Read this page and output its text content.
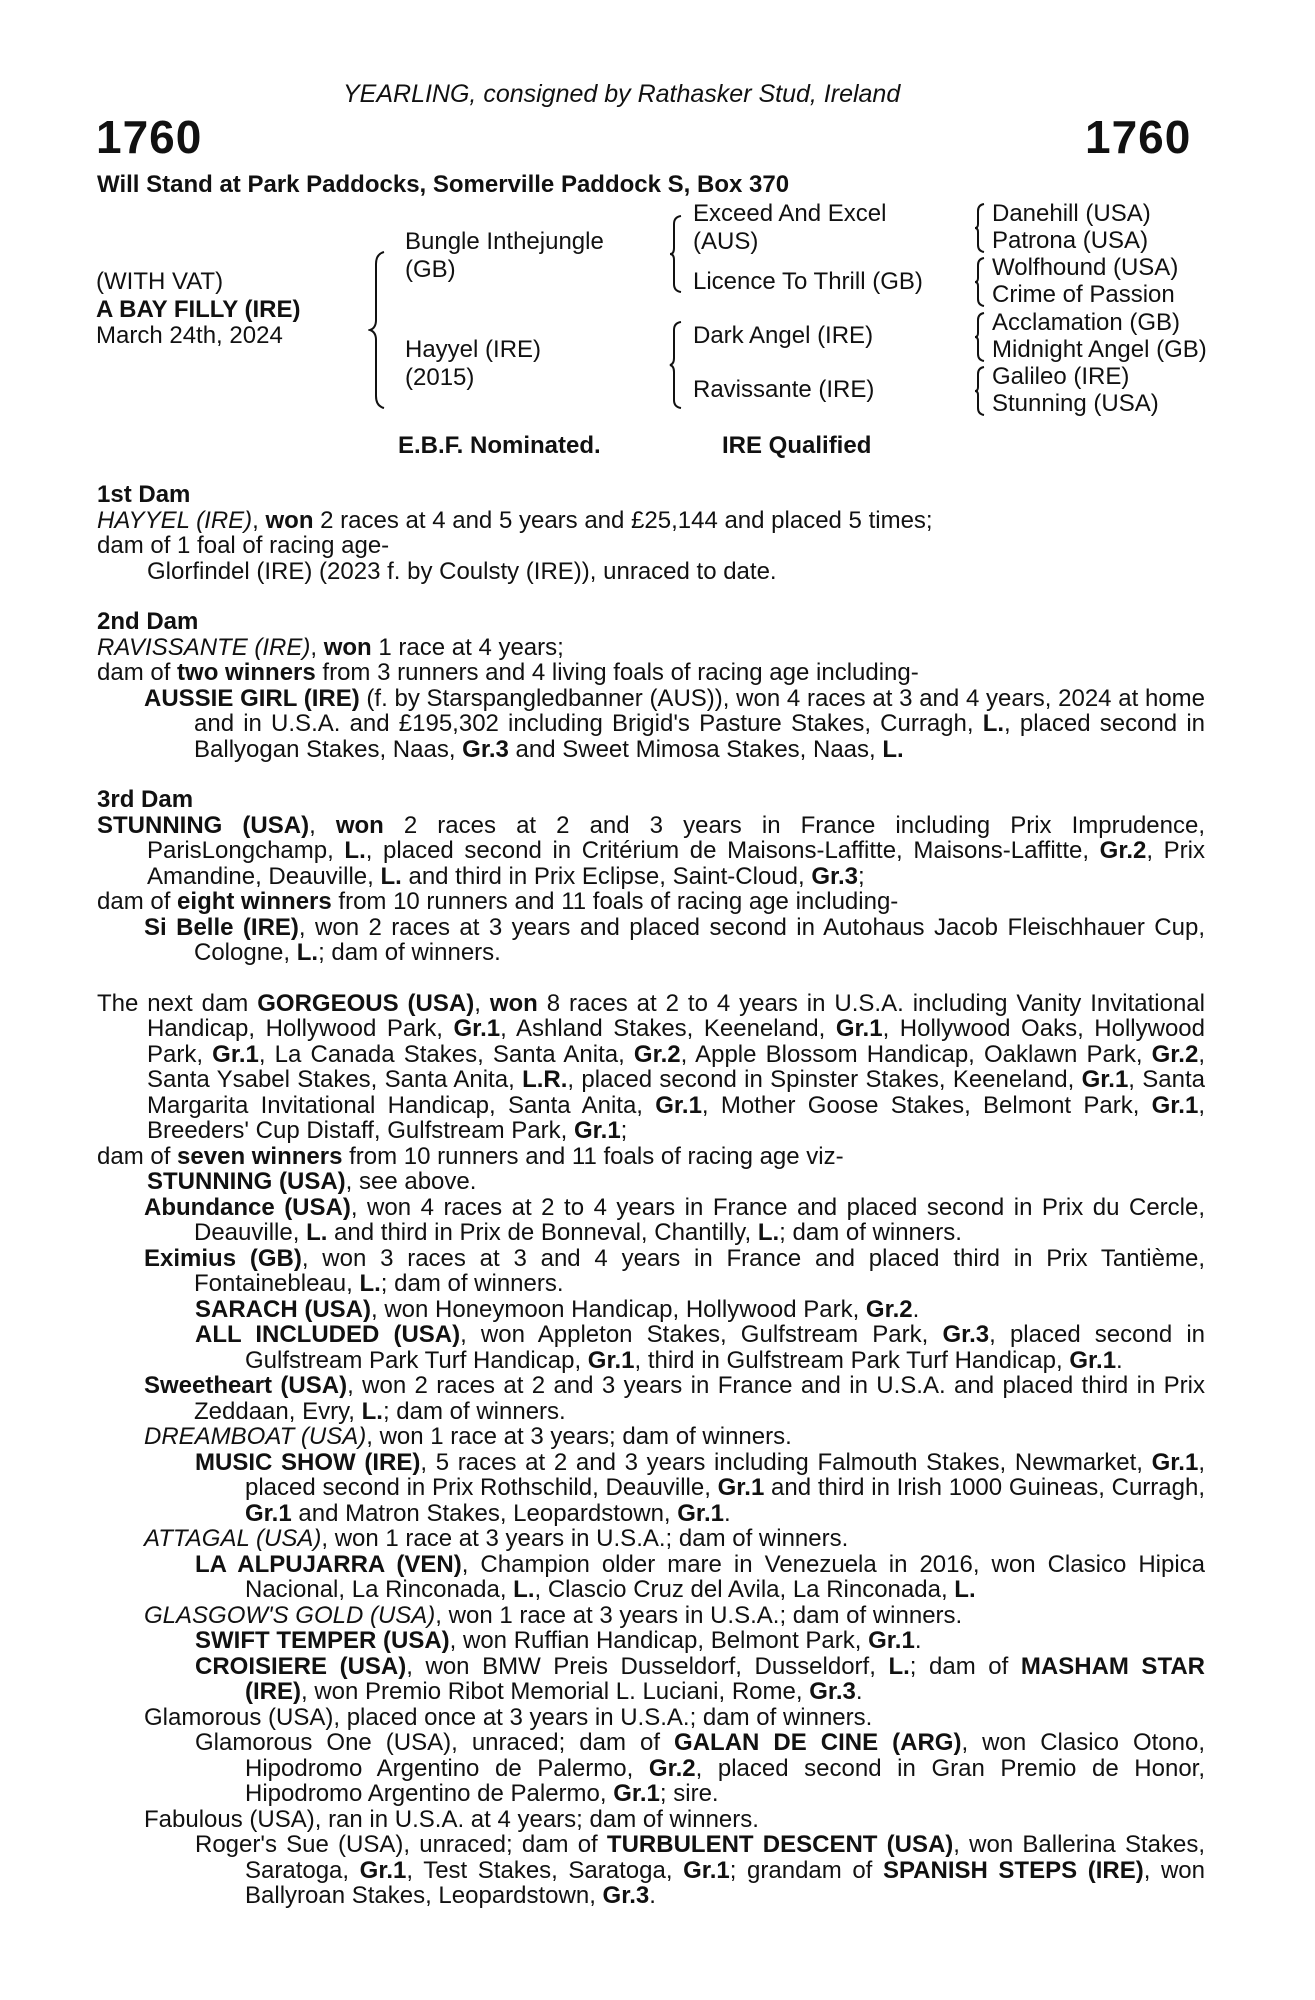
YEARLING, consigned by Rathasker Stud, Ireland
1760	1760
Will Stand at Park Paddocks, Somerville Paddock S, Box 370
(WITH VAT)
A BAY FILLY (IRE)
March 24th, 2024
Bungle Inthejungle
(GB)
Hayyel (IRE)
(2015)
Exceed And Excel
(AUS)
Licence To Thrill (GB)
Dark Angel (IRE)
Ravissante (IRE)
Danehill (USA)
Patrona (USA)
Wolfhound (USA)
Crime of Passion
Acclamation (GB)
Midnight Angel (GB)
Galileo (IRE)
Stunning (USA)
E.B.F. Nominated.	IRE Qualified

1st Dam

HAYYEL (IRE), won 2 races at 4 and 5 years and £25,144 and placed 5 times;

dam of 1 foal of racing age-

Glorfindel (IRE) (2023 f. by Coulsty (IRE)), unraced to date.

2nd Dam

RAVISSANTE (IRE), won 1 race at 4 years;

dam of two winners from 3 runners and 4 living foals of racing age including-

AUSSIE GIRL (IRE) (f. by Starspangledbanner (AUS)), won 4 races at 3 and 4 years, 2024 at home and in U.S.A. and £195,302 including Brigid's Pasture Stakes, Curragh, L., placed second in Ballyogan Stakes, Naas, Gr.3 and Sweet Mimosa Stakes, Naas, L.

3rd Dam

STUNNING (USA), won 2 races at 2 and 3 years in France including Prix Imprudence, ParisLongchamp, L., placed second in Critérium de Maisons-Laffitte, Maisons-Laffitte, Gr.2, Prix Amandine, Deauville, L. and third in Prix Eclipse, Saint-Cloud, Gr.3;

dam of eight winners from 10 runners and 11 foals of racing age including-

Si Belle (IRE), won 2 races at 3 years and placed second in Autohaus Jacob Fleischhauer Cup, Cologne, L.; dam of winners.

The next dam GORGEOUS (USA), won 8 races at 2 to 4 years in U.S.A. including Vanity Invitational Handicap, Hollywood Park, Gr.1, Ashland Stakes, Keeneland, Gr.1, Hollywood Oaks, Hollywood Park, Gr.1, La Canada Stakes, Santa Anita, Gr.2, Apple Blossom Handicap, Oaklawn Park, Gr.2, Santa Ysabel Stakes, Santa Anita, L.R., placed second in Spinster Stakes, Keeneland, Gr.1, Santa Margarita Invitational Handicap, Santa Anita, Gr.1, Mother Goose Stakes, Belmont Park, Gr.1, Breeders' Cup Distaff, Gulfstream Park, Gr.1;

dam of seven winners from 10 runners and 11 foals of racing age viz-

STUNNING (USA), see above.

Abundance (USA), won 4 races at 2 to 4 years in France and placed second in Prix du Cercle, Deauville, L. and third in Prix de Bonneval, Chantilly, L.; dam of winners.

Eximius (GB), won 3 races at 3 and 4 years in France and placed third in Prix Tantième, Fontainebleau, L.; dam of winners.

SARACH (USA), won Honeymoon Handicap, Hollywood Park, Gr.2.

ALL INCLUDED (USA), won Appleton Stakes, Gulfstream Park, Gr.3, placed second in Gulfstream Park Turf Handicap, Gr.1, third in Gulfstream Park Turf Handicap, Gr.1.

Sweetheart (USA), won 2 races at 2 and 3 years in France and in U.S.A. and placed third in Prix Zeddaan, Evry, L.; dam of winners.

DREAMBOAT (USA), won 1 race at 3 years; dam of winners.

MUSIC SHOW (IRE), 5 races at 2 and 3 years including Falmouth Stakes, Newmarket, Gr.1, placed second in Prix Rothschild, Deauville, Gr.1 and third in Irish 1000 Guineas, Curragh, Gr.1 and Matron Stakes, Leopardstown, Gr.1.

ATTAGAL (USA), won 1 race at 3 years in U.S.A.; dam of winners.

LA ALPUJARRA (VEN), Champion older mare in Venezuela in 2016, won Clasico Hipica Nacional, La Rinconada, L., Clascio Cruz del Avila, La Rinconada, L.

GLASGOW'S GOLD (USA), won 1 race at 3 years in U.S.A.; dam of winners.

SWIFT TEMPER (USA), won Ruffian Handicap, Belmont Park, Gr.1.

CROISIERE (USA), won BMW Preis Dusseldorf, Dusseldorf, L.; dam of MASHAM STAR (IRE), won Premio Ribot Memorial L. Luciani, Rome, Gr.3.

Glamorous (USA), placed once at 3 years in U.S.A.; dam of winners.

Glamorous One (USA), unraced; dam of GALAN DE CINE (ARG), won Clasico Otono, Hipodromo Argentino de Palermo, Gr.2, placed second in Gran Premio de Honor, Hipodromo Argentino de Palermo, Gr.1; sire.

Fabulous (USA), ran in U.S.A. at 4 years; dam of winners.

Roger's Sue (USA), unraced; dam of TURBULENT DESCENT (USA), won Ballerina Stakes, Saratoga, Gr.1, Test Stakes, Saratoga, Gr.1; grandam of SPANISH STEPS (IRE), won Ballyroan Stakes, Leopardstown, Gr.3.
